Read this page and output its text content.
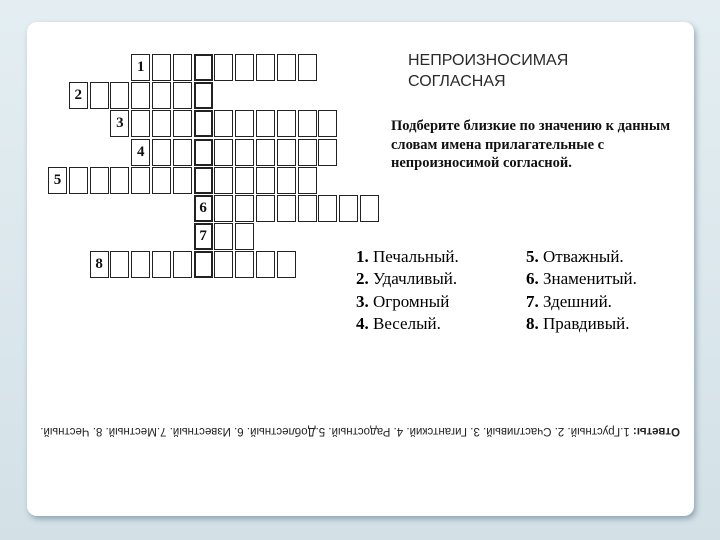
НЕПРОИЗНОСИМАЯ
СОГЛАСНАЯ

Подберите близкие по значению к данным словам имена прилагательные с непроизносимой согласной.

1
2
3
4
5
6
7
8	1. Печальный.
2. Удачливый.
3. Огромный
4. Веселый.
5. Отважный.
6. Знаменитый.
7. Здешний.
8. Правдивый.

Ответы: 1.Грустный. 2. Счастливый. 3. Гигантский. 4. Радостный. 5.Доблестный. 6. Известный. 7.Местный. 8. Честный.
